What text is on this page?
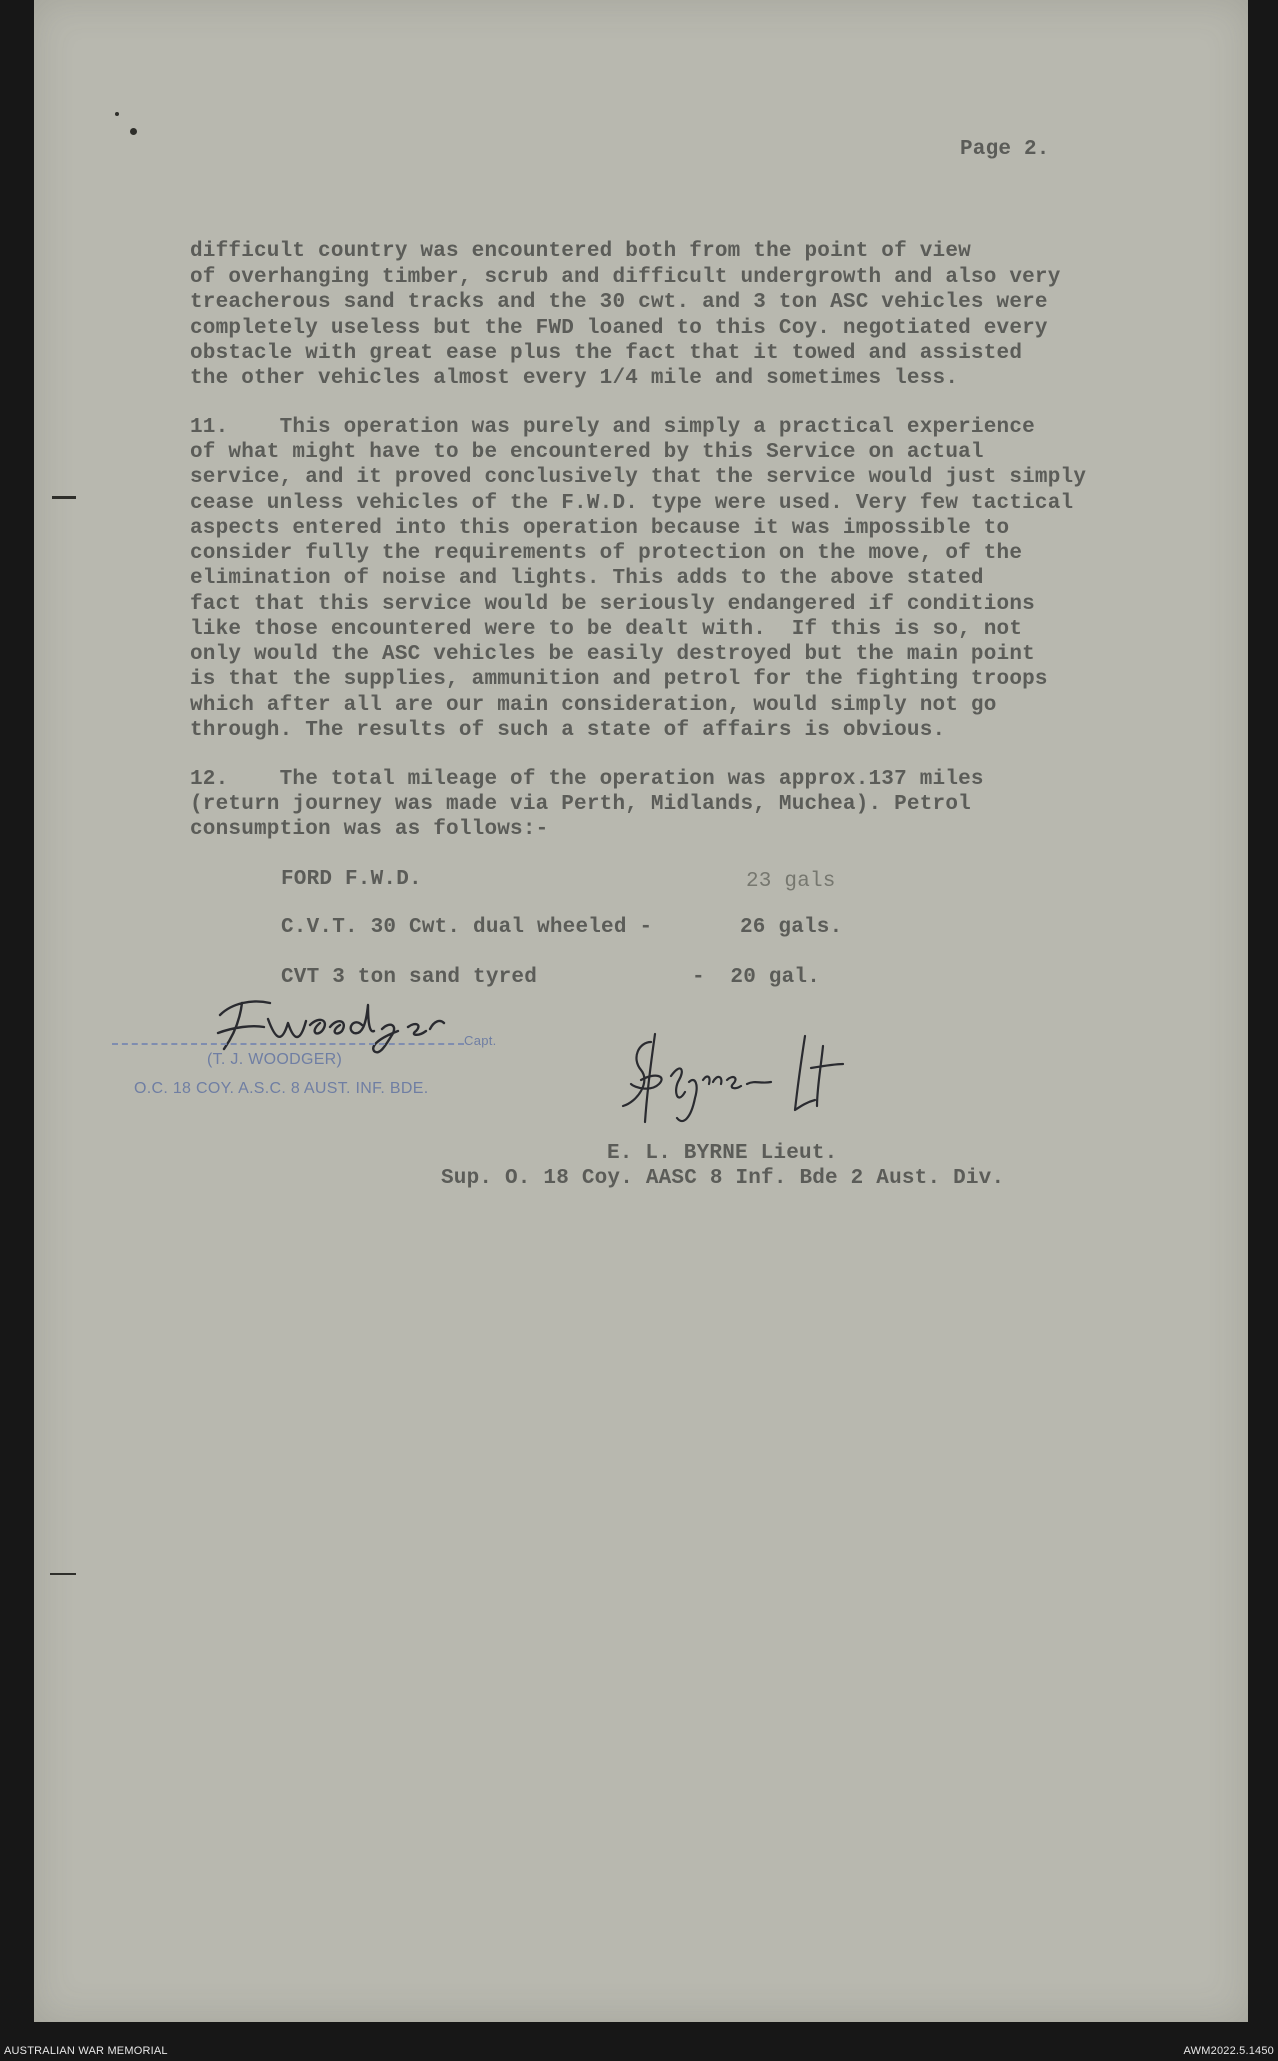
Page 2.
difficult country was encountered both from the point of view
of overhanging timber, scrub and difficult undergrowth and also very
treacherous sand tracks and the 30 cwt. and 3 ton ASC vehicles were
completely useless but the FWD loaned to this Coy. negotiated every
obstacle with great ease plus the fact that it towed and assisted
the other vehicles almost every 1/4 mile and sometimes less.
11.    This operation was purely and simply a practical experience
of what might have to be encountered by this Service on actual
service, and it proved conclusively that the service would just simply
cease unless vehicles of the F.W.D. type were used. Very few tactical
aspects entered into this operation because it was impossible to
consider fully the requirements of protection on the move, of the
elimination of noise and lights. This adds to the above stated
fact that this service would be seriously endangered if conditions
like those encountered were to be dealt with.  If this is so, not
only would the ASC vehicles be easily destroyed but the main point
is that the supplies, ammunition and petrol for the fighting troops
which after all are our main consideration, would simply not go
through. The results of such a state of affairs is obvious.
12.    The total mileage of the operation was approx.137 miles
(return journey was made via Perth, Midlands, Muchea). Petrol
consumption was as follows:-
FORD F.W.D.	23 gals
C.V.T. 30 Cwt. dual wheeled -	26 gals.
CVT 3 ton sand tyred	-  20 gal.
Capt.
(T. J. WOODGER)
O.C. 18 COY. A.S.C. 8 AUST. INF. BDE.
E. L. BYRNE Lieut.
Sup. O. 18 Coy. AASC 8 Inf. Bde 2 Aust. Div.
AUSTRALIAN WAR MEMORIAL	AWM2022.5.1450
